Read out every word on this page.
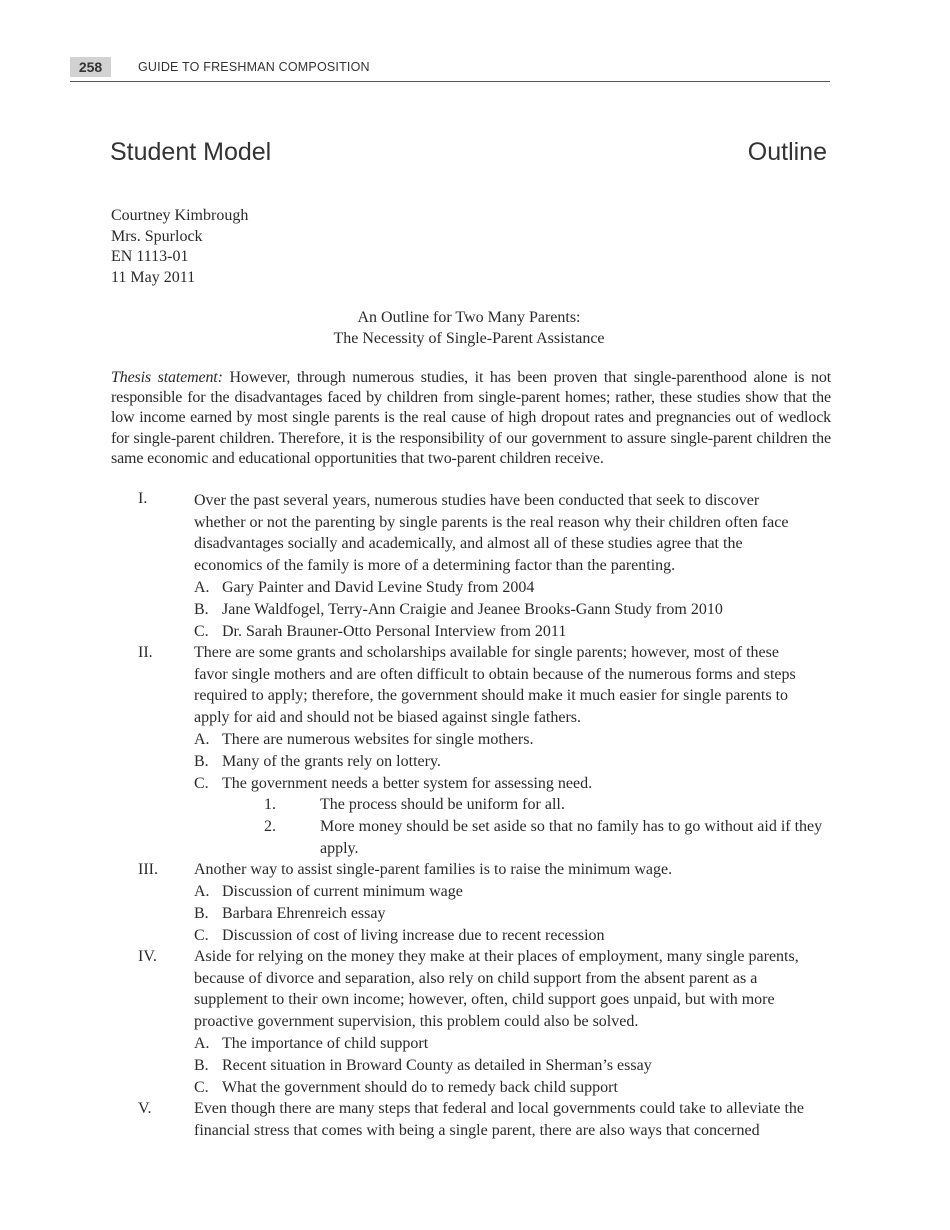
258	GUIDE TO FRESHMAN COMPOSITION
Student Model	Outline
Courtney Kimbrough
Mrs. Spurlock
EN 1113-01
11 May 2011
An Outline for Two Many Parents:
The Necessity of Single-Parent Assistance
Thesis statement: However, through numerous studies, it has been proven that single-parenthood alone is not responsible for the disadvantages faced by children from single-parent homes; rather, these studies show that the low income earned by most single parents is the real cause of high dropout rates and pregnancies out of wedlock for single-parent children. Therefore, it is the responsibility of our government to assure single-parent children the same economic and educational opportunities that two-parent children receive.
I.	Over the past several years, numerous studies have been conducted that seek to discover whether or not the parenting by single parents is the real reason why their children often face disadvantages socially and academically, and almost all of these studies agree that the economics of the family is more of a determining factor than the parenting.
A. Gary Painter and David Levine Study from 2004
B. Jane Waldfogel, Terry-Ann Craigie and Jeanee Brooks-Gann Study from 2010
C. Dr. Sarah Brauner-Otto Personal Interview from 2011
II.	There are some grants and scholarships available for single parents; however, most of these favor single mothers and are often difficult to obtain because of the numerous forms and steps required to apply; therefore, the government should make it much easier for single parents to apply for aid and should not be biased against single fathers.
A. There are numerous websites for single mothers.
B. Many of the grants rely on lottery.
C. The government needs a better system for assessing need.
1.	The process should be uniform for all.
2.	More money should be set aside so that no family has to go without aid if they apply.
III.	Another way to assist single-parent families is to raise the minimum wage.
A. Discussion of current minimum wage
B. Barbara Ehrenreich essay
C. Discussion of cost of living increase due to recent recession
IV.	Aside for relying on the money they make at their places of employment, many single parents, because of divorce and separation, also rely on child support from the absent parent as a supplement to their own income; however, often, child support goes unpaid, but with more proactive government supervision, this problem could also be solved.
A. The importance of child support
B. Recent situation in Broward County as detailed in Sherman’s essay
C. What the government should do to remedy back child support
V.	Even though there are many steps that federal and local governments could take to alleviate the financial stress that comes with being a single parent, there are also ways that concerned
